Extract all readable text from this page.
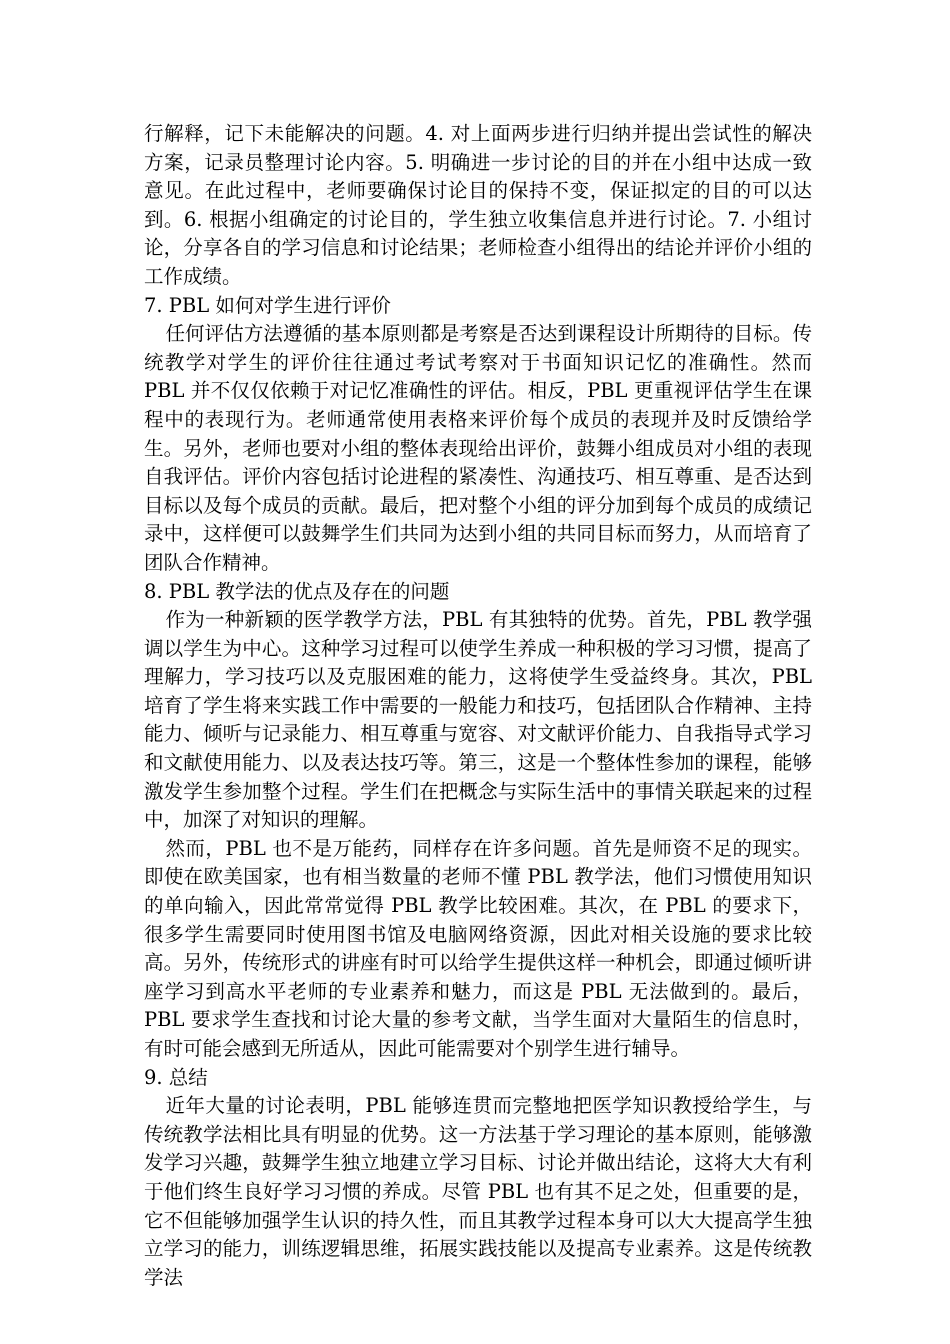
行解释，记下未能解决的问题。4. 对上面两步进行归纳并提出尝试性的解决方案，记录员整理讨论内容。5. 明确进一步讨论的目的并在小组中达成一致意见。在此过程中，老师要确保讨论目的保持不变，保证拟定的目的可以达到。6. 根据小组确定的讨论目的，学生独立收集信息并进行讨论。7. 小组讨论，分享各自的学习信息和讨论结果；老师检查小组得出的结论并评价小组的工作成绩。

7. PBL 如何对学生进行评价

任何评估方法遵循的基本原则都是考察是否达到课程设计所期待的目标。传统教学对学生的评价往往通过考试考察对于书面知识记忆的准确性。然而 PBL 并不仅仅依赖于对记忆准确性的评估。相反，PBL 更重视评估学生在课程中的表现行为。老师通常使用表格来评价每个成员的表现并及时反馈给学生。另外，老师也要对小组的整体表现给出评价，鼓舞小组成员对小组的表现自我评估。评价内容包括讨论进程的紧凑性、沟通技巧、相互尊重、是否达到目标以及每个成员的贡献。最后，把对整个小组的评分加到每个成员的成绩记录中，这样便可以鼓舞学生们共同为达到小组的共同目标而努力，从而培育了团队合作精神。

8. PBL 教学法的优点及存在的问题

作为一种新颖的医学教学方法，PBL 有其独特的优势。首先，PBL 教学强调以学生为中心。这种学习过程可以使学生养成一种积极的学习习惯，提高了理解力，学习技巧以及克服困难的能力，这将使学生受益终身。其次，PBL 培育了学生将来实践工作中需要的一般能力和技巧，包括团队合作精神、主持能力、倾听与记录能力、相互尊重与宽容、对文献评价能力、自我指导式学习和文献使用能力、以及表达技巧等。第三，这是一个整体性参加的课程，能够激发学生参加整个过程。学生们在把概念与实际生活中的事情关联起来的过程中，加深了对知识的理解。

然而，PBL 也不是万能药，同样存在许多问题。首先是师资不足的现实。即使在欧美国家，也有相当数量的老师不懂 PBL 教学法，他们习惯使用知识的单向输入，因此常常觉得 PBL 教学比较困难。其次，在 PBL 的要求下，很多学生需要同时使用图书馆及电脑网络资源，因此对相关设施的要求比较高。另外，传统形式的讲座有时可以给学生提供这样一种机会，即通过倾听讲座学习到高水平老师的专业素养和魅力，而这是 PBL 无法做到的。最后，PBL 要求学生查找和讨论大量的参考文献，当学生面对大量陌生的信息时，有时可能会感到无所适从，因此可能需要对个别学生进行辅导。

9. 总结

近年大量的讨论表明，PBL 能够连贯而完整地把医学知识教授给学生，与传统教学法相比具有明显的优势。这一方法基于学习理论的基本原则，能够激发学习兴趣，鼓舞学生独立地建立学习目标、讨论并做出结论，这将大大有利于他们终生良好学习习惯的养成。尽管 PBL 也有其不足之处，但重要的是，它不但能够加强学生认识的持久性，而且其教学过程本身可以大大提高学生独立学习的能力，训练逻辑思维，拓展实践技能以及提高专业素养。这是传统教学法
